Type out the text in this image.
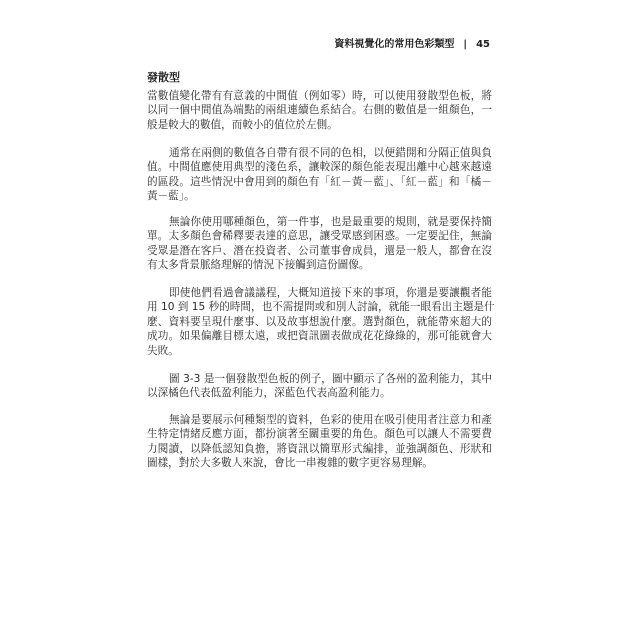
資料視覺化的常用色彩類型 | 45
發散型
當數值變化帶有有意義的中間值（例如零）時，可以使用發散型色板，將
以同一個中間值為端點的兩組連續色系結合。右側的數值是一組顏色，一
般是較大的數值，而較小的值位於左側。
通常在兩側的數值各自帶有很不同的色相，以便錯開和分隔正值與負
值。中間值應使用典型的淺色系，讓較深的顏色能表現出離中心越來越遠
的區段。這些情況中會用到的顏色有「紅－黃－藍」、「紅－藍」和「橘－
黃－藍」。
無論你使用哪種顏色，第一件事，也是最重要的規則，就是要保持簡
單。太多顏色會稀釋要表達的意思，讓受眾感到困惑。一定要記住，無論
受眾是潛在客戶、潛在投資者、公司董事會成員，還是一般人，都會在沒
有太多背景脈絡理解的情況下接觸到這份圖像。
即使他們看過會議議程，大概知道接下來的事項，你還是要讓觀者能
用 10 到 15 秒的時間，也不需提問或和別人討論，就能一眼看出主題是什
麼、資料要呈現什麼事、以及故事想說什麼。選對顏色，就能帶來超大的
成功。如果偏離目標太遠，或把資訊圖表做成花花綠綠的，那可能就會大
失敗。
圖 3-3 是一個發散型色板的例子，圖中顯示了各州的盈利能力，其中
以深橘色代表低盈利能力，深藍色代表高盈利能力。
無論是要展示何種類型的資料，色彩的使用在吸引使用者注意力和產
生特定情緒反應方面，都扮演著至關重要的角色。顏色可以讓人不需要費
力閱讀，以降低認知負擔，將資訊以簡單形式編排，並強調顏色、形狀和
圖樣，對於大多數人來說，會比一串複雜的數字更容易理解。
